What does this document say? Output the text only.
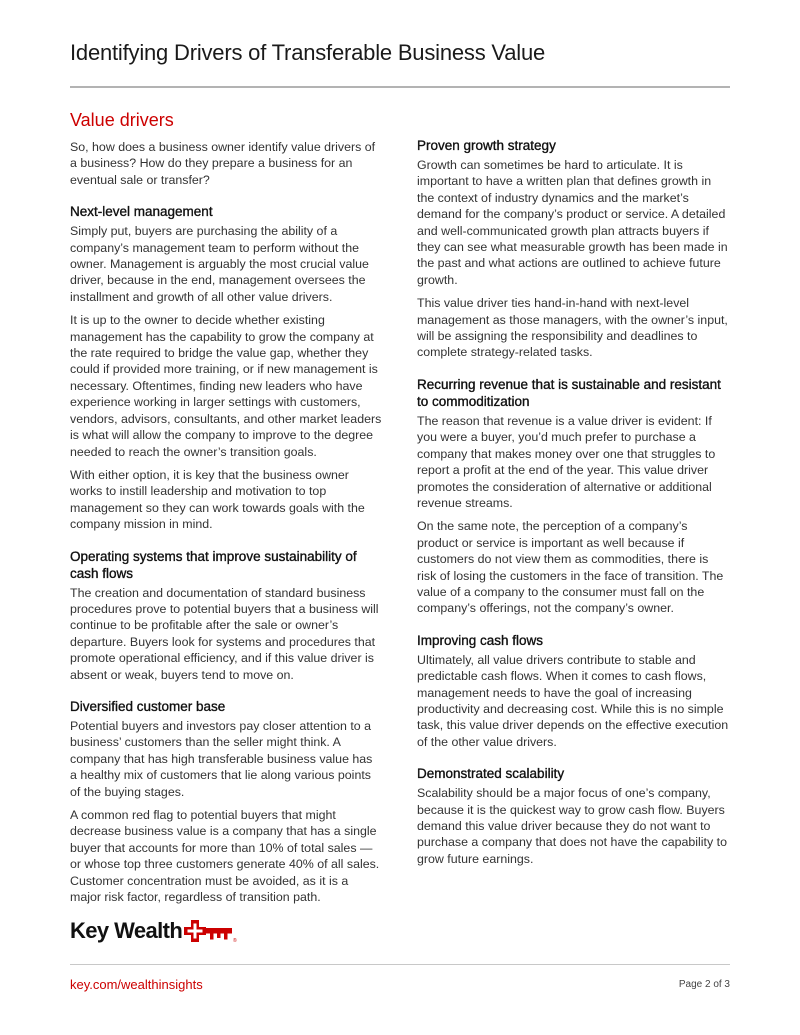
Identifying Drivers of Transferable Business Value
Value drivers

So, how does a business owner identify value drivers of a business? How do they prepare a business for an eventual sale or transfer?

Next-level management

Simply put, buyers are purchasing the ability of a company’s management team to perform without the owner. Management is arguably the most crucial value driver, because in the end, management oversees the installment and growth of all other value drivers.

It is up to the owner to decide whether existing management has the capability to grow the company at the rate required to bridge the value gap, whether they could if provided more training, or if new management is necessary. Oftentimes, finding new leaders who have experience working in larger settings with customers, vendors, advisors, consultants, and other market leaders is what will allow the company to improve to the degree needed to reach the owner’s transition goals.

With either option, it is key that the business owner works to instill leadership and motivation to top management so they can work towards goals with the company mission in mind.

Operating systems that improve sustainability of cash flows

The creation and documentation of standard business procedures prove to potential buyers that a business will continue to be profitable after the sale or owner’s departure. Buyers look for systems and procedures that promote operational efficiency, and if this value driver is absent or weak, buyers tend to move on.

Diversified customer base

Potential buyers and investors pay closer attention to a business’ customers than the seller might think. A company that has high transferable business value has a healthy mix of customers that lie along various points of the buying stages.

A common red flag to potential buyers that might decrease business value is a company that has a single buyer that accounts for more than 10% of total sales — or whose top three customers generate 40% of all sales. Customer concentration must be avoided, as it is a major risk factor, regardless of transition path.

Proven growth strategy

Growth can sometimes be hard to articulate. It is important to have a written plan that defines growth in the context of industry dynamics and the market’s demand for the company’s product or service. A detailed and well-communicated growth plan attracts buyers if they can see what measurable growth has been made in the past and what actions are outlined to achieve future growth.

This value driver ties hand-in-hand with next-level management as those managers, with the owner’s input, will be assigning the responsibility and deadlines to complete strategy-related tasks.

Recurring revenue that is sustainable and resistant to commoditization

The reason that revenue is a value driver is evident: If you were a buyer, you’d much prefer to purchase a company that makes money over one that struggles to report a profit at the end of the year. This value driver promotes the consideration of alternative or additional revenue streams.

On the same note, the perception of a company’s product or service is important as well because if customers do not view them as commodities, there is risk of losing the customers in the face of transition. The value of a company to the consumer must fall on the company’s offerings, not the company’s owner.

Improving cash flows

Ultimately, all value drivers contribute to stable and predictable cash flows. When it comes to cash flows, management needs to have the goal of increasing productivity and decreasing cost. While this is no simple task, this value driver depends on the effective execution of the other value drivers.

Demonstrated scalability

Scalability should be a major focus of one’s company, because it is the quickest way to grow cash flow. Buyers demand this value driver because they do not want to purchase a company that does not have the capability to grow future earnings.

Key Wealth	®
key.com/wealthinsights	Page 2 of 3
